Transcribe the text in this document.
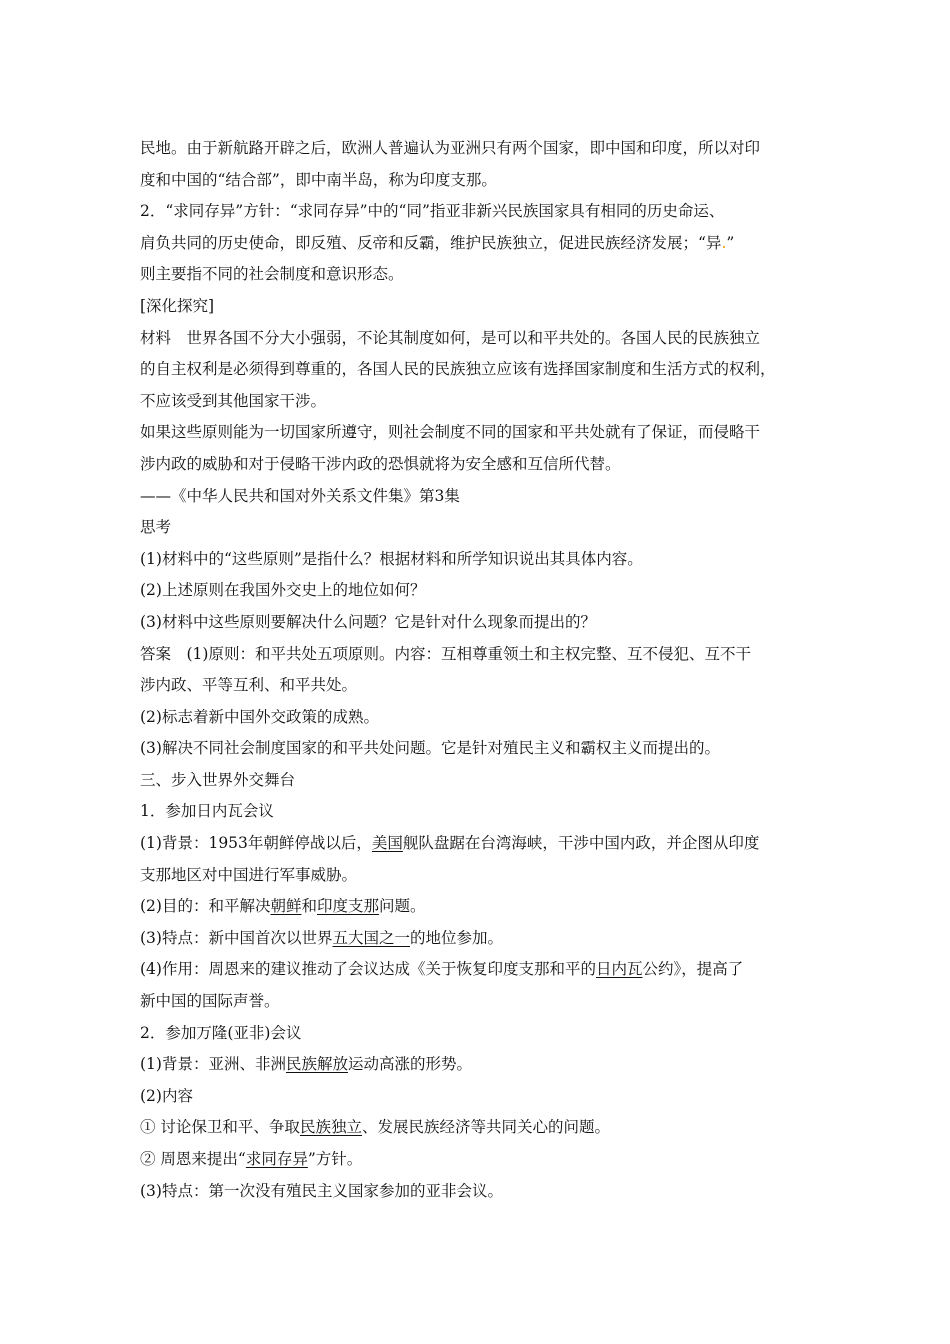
民地。由于新航路开辟之后，欧洲人普遍认为亚洲只有两个国家，即中国和印度，所以对印
度和中国的“结合部”，即中南半岛，称为印度支那。
2．“求同存异”方针：“求同存异”中的“同”指亚非新兴民族国家具有相同的历史命运、
肩负共同的历史使命，即反殖、反帝和反霸，维护民族独立，促进民族经济发展；“异.”
则主要指不同的社会制度和意识形态。
[深化探究]
材料　世界各国不分大小强弱，不论其制度如何，是可以和平共处的。各国人民的民族独立
的自主权利是必须得到尊重的，各国人民的民族独立应该有选择国家制度和生活方式的权利，
不应该受到其他国家干涉。
如果这些原则能为一切国家所遵守，则社会制度不同的国家和平共处就有了保证，而侵略干
涉内政的威胁和对于侵略干涉内政的恐惧就将为安全感和互信所代替。
——《中华人民共和国对外关系文件集》第3集
思考
(1)材料中的“这些原则”是指什么？根据材料和所学知识说出其具体内容。
(2)上述原则在我国外交史上的地位如何？
(3)材料中这些原则要解决什么问题？它是针对什么现象而提出的？
答案　(1)原则：和平共处五项原则。内容：互相尊重领土和主权完整、互不侵犯、互不干
涉内政、平等互利、和平共处。
(2)标志着新中国外交政策的成熟。
(3)解决不同社会制度国家的和平共处问题。它是针对殖民主义和霸权主义而提出的。
三、步入世界外交舞台
1．参加日内瓦会议
(1)背景：1953年朝鲜停战以后，美国舰队盘踞在台湾海峡，干涉中国内政，并企图从印度
支那地区对中国进行军事威胁。
(2)目的：和平解决朝鲜和印度支那问题。
(3)特点：新中国首次以世界五大国之一的地位参加。
(4)作用：周恩来的建议推动了会议达成《关于恢复印度支那和平的日内瓦公约》，提高了
新中国的国际声誉。
2．参加万隆(亚非)会议
(1)背景：亚洲、非洲民族解放运动高涨的形势。
(2)内容
① 讨论保卫和平、争取民族独立、发展民族经济等共同关心的问题。
② 周恩来提出“求同存异”方针。
(3)特点：第一次没有殖民主义国家参加的亚非会议。
